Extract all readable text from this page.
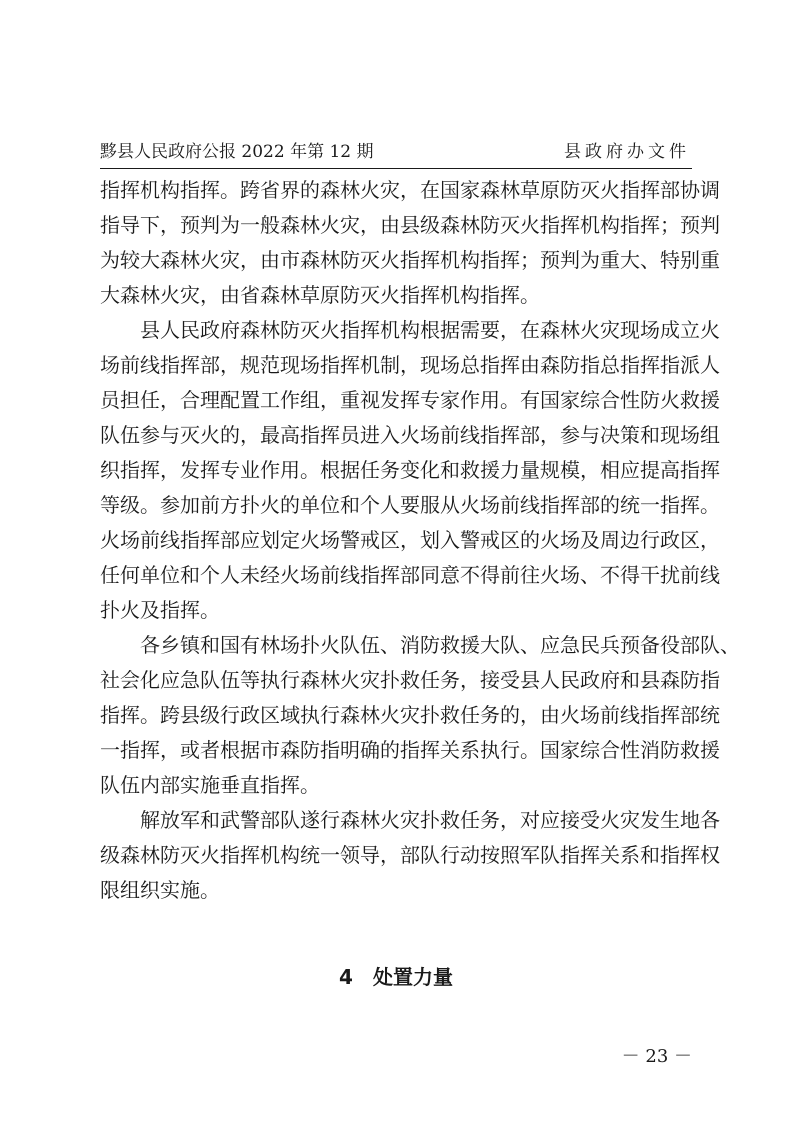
黟县人民政府公报 2022 年第 12 期	县政府办文件
指挥机构指挥。跨省界的森林火灾，在国家森林草原防灭火指挥部协调
指导下，预判为一般森林火灾，由县级森林防灭火指挥机构指挥；预判
为较大森林火灾，由市森林防灭火指挥机构指挥；预判为重大、特别重
大森林火灾，由省森林草原防灭火指挥机构指挥。
　　县人民政府森林防灭火指挥机构根据需要，在森林火灾现场成立火
场前线指挥部，规范现场指挥机制，现场总指挥由森防指总指挥指派人
员担任，合理配置工作组，重视发挥专家作用。有国家综合性防火救援
队伍参与灭火的，最高指挥员进入火场前线指挥部，参与决策和现场组
织指挥，发挥专业作用。根据任务变化和救援力量规模，相应提高指挥
等级。参加前方扑火的单位和个人要服从火场前线指挥部的统一指挥。
火场前线指挥部应划定火场警戒区，划入警戒区的火场及周边行政区，
任何单位和个人未经火场前线指挥部同意不得前往火场、不得干扰前线
扑火及指挥。
　　各乡镇和国有林场扑火队伍、消防救援大队、应急民兵预备役部队、
社会化应急队伍等执行森林火灾扑救任务，接受县人民政府和县森防指
指挥。跨县级行政区域执行森林火灾扑救任务的，由火场前线指挥部统
一指挥，或者根据市森防指明确的指挥关系执行。国家综合性消防救援
队伍内部实施垂直指挥。
　　解放军和武警部队遂行森林火灾扑救任务，对应接受火灾发生地各
级森林防灭火指挥机构统一领导，部队行动按照军队指挥关系和指挥权
限组织实施。
4　处置力量
－ 23 －
